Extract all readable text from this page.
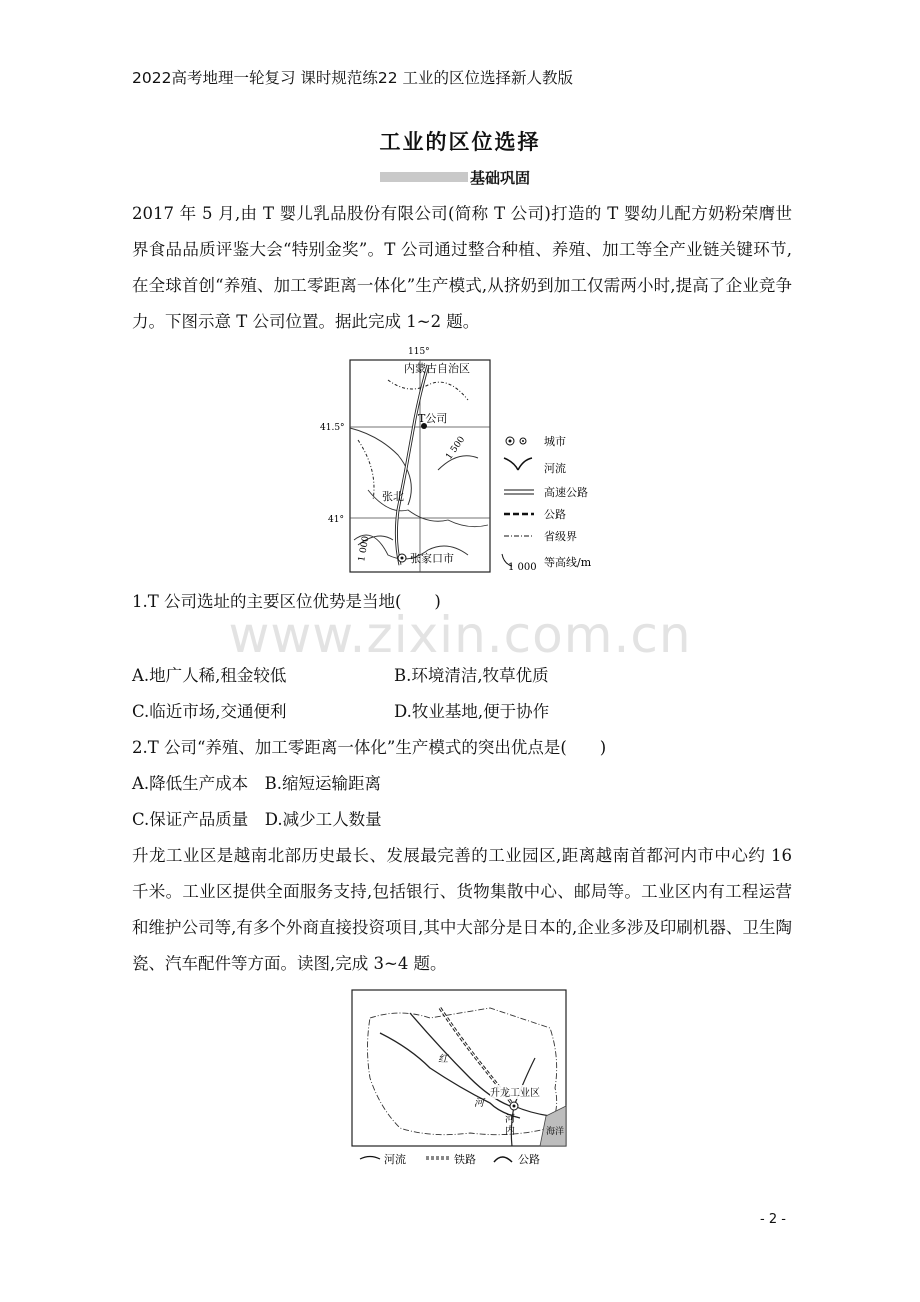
2022高考地理一轮复习 课时规范练22 工业的区位选择新人教版
工业的区位选择
基础巩固
2017 年 5 月,由 T 婴儿乳品股份有限公司(简称 T 公司)打造的 T 婴幼儿配方奶粉荣膺世界食品品质评鉴大会“特别金奖”。T 公司通过整合种植、养殖、加工等全产业链关键环节,在全球首创“养殖、加工零距离一体化”生产模式,从挤奶到加工仅需两小时,提高了企业竞争力。下图示意 T 公司位置。据此完成 1~2 题。
115°
41.5°
41°
内蒙古自治区
T公司
张北
张家口市
1 500
1 000
城市
河流
高速公路
公路
省级界
1 000 等高线/m
1.T 公司选址的主要区位优势是当地(　　)
www.zixin.com.cn
A.地广人稀,租金较低	B.环境清洁,牧草优质
C.临近市场,交通便利	D.牧业基地,便于协作
2.T 公司“养殖、加工零距离一体化”生产模式的突出优点是(　　)
A.降低生产成本　B.缩短运输距离
C.保证产品质量　D.减少工人数量
升龙工业区是越南北部历史最长、发展最完善的工业园区,距离越南首都河内市中心约 16 千米。工业区提供全面服务支持,包括银行、货物集散中心、邮局等。工业区内有工程运营和维护公司等,有多个外商直接投资项目,其中大部分是日本的,企业多涉及印刷机器、卫生陶瓷、汽车配件等方面。读图,完成 3~4 题。
升龙工业区
红
河
河
内	海洋
河流	铁路	公路
- 2 -
